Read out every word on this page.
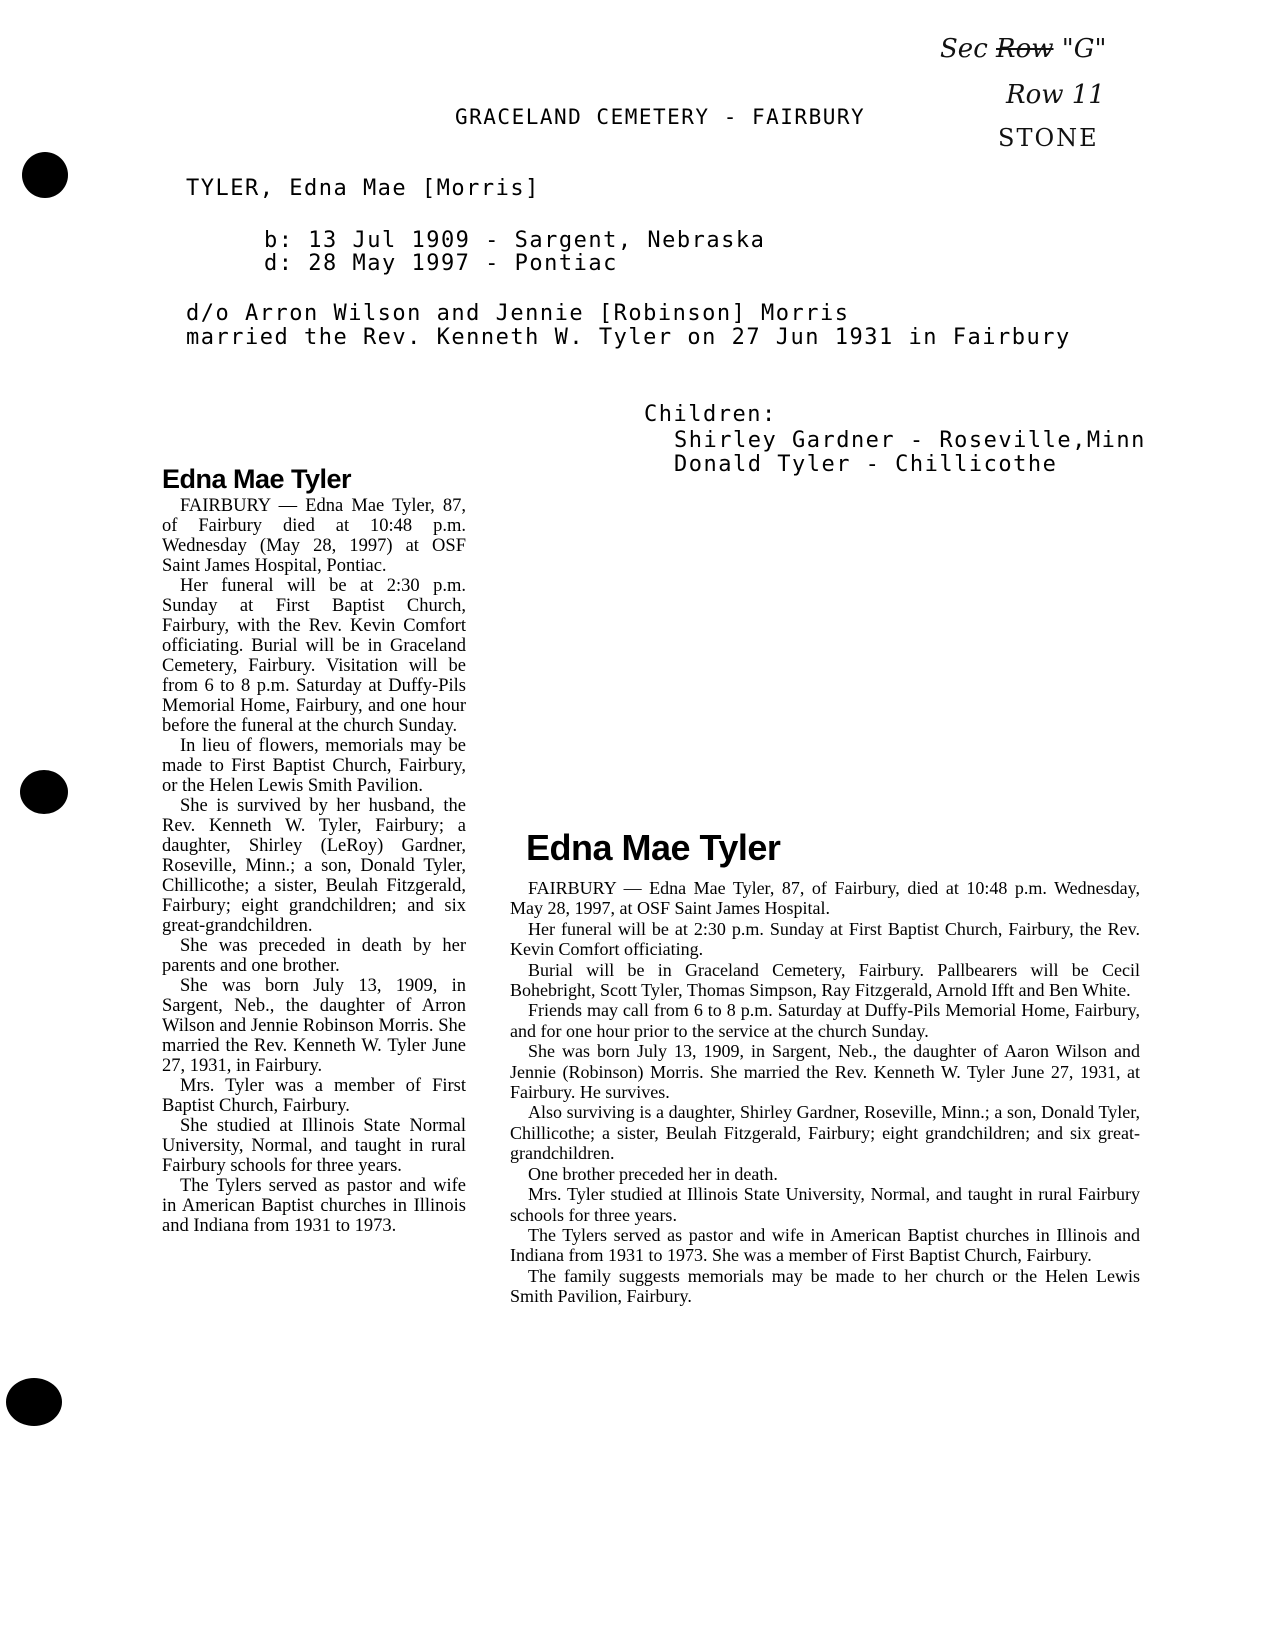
Sec Row "G"
Row 11
STONE
GRACELAND CEMETERY - FAIRBURY
TYLER, Edna Mae [Morris]
b: 13 Jul 1909 - Sargent, Nebraska
d: 28 May 1997 - Pontiac
d/o Arron Wilson and Jennie [Robinson] Morris
married the Rev. Kenneth W. Tyler on 27 Jun 1931 in Fairbury
Children:
Shirley Gardner - Roseville,Minn
Donald Tyler - Chillicothe
Edna Mae Tyler

FAIRBURY — Edna Mae Tyler, 87, of Fairbury died at 10:48 p.m. Wednesday (May 28, 1997) at OSF Saint James Hospital, Pontiac.

Her funeral will be at 2:30 p.m. Sunday at First Baptist Church, Fairbury, with the Rev. Kevin Comfort officiating. Burial will be in Graceland Cemetery, Fairbury. Visitation will be from 6 to 8 p.m. Saturday at Duffy-Pils Memorial Home, Fairbury, and one hour before the funeral at the church Sunday.

In lieu of flowers, memorials may be made to First Baptist Church, Fairbury, or the Helen Lewis Smith Pavilion.

She is survived by her husband, the Rev. Kenneth W. Tyler, Fairbury; a daughter, Shirley (LeRoy) Gardner, Roseville, Minn.; a son, Donald Tyler, Chillicothe; a sister, Beulah Fitzgerald, Fairbury; eight grandchildren; and six great-grandchildren.

She was preceded in death by her parents and one brother.

She was born July 13, 1909, in Sargent, Neb., the daughter of Arron Wilson and Jennie Robinson Morris. She married the Rev. Kenneth W. Tyler June 27, 1931, in Fairbury.

Mrs. Tyler was a member of First Baptist Church, Fairbury.

She studied at Illinois State Normal University, Normal, and taught in rural Fairbury schools for three years.

The Tylers served as pastor and wife in American Baptist churches in Illinois and Indiana from 1931 to 1973.

Edna Mae Tyler

FAIRBURY — Edna Mae Tyler, 87, of Fairbury, died at 10:48 p.m. Wednesday, May 28, 1997, at OSF Saint James Hospital.

Her funeral will be at 2:30 p.m. Sunday at First Baptist Church, Fairbury, the Rev. Kevin Comfort officiating.

Burial will be in Graceland Cemetery, Fairbury. Pallbearers will be Cecil Bohebright, Scott Tyler, Thomas Simpson, Ray Fitzgerald, Arnold Ifft and Ben White.

Friends may call from 6 to 8 p.m. Saturday at Duffy-Pils Memorial Home, Fairbury, and for one hour prior to the service at the church Sunday.

She was born July 13, 1909, in Sargent, Neb., the daughter of Aaron Wilson and Jennie (Robinson) Morris. She married the Rev. Kenneth W. Tyler June 27, 1931, at Fairbury. He survives.

Also surviving is a daughter, Shirley Gardner, Roseville, Minn.; a son, Donald Tyler, Chillicothe; a sister, Beulah Fitzgerald, Fairbury; eight grandchildren; and six great-grandchildren.

One brother preceded her in death.

Mrs. Tyler studied at Illinois State University, Normal, and taught in rural Fairbury schools for three years.

The Tylers served as pastor and wife in American Baptist churches in Illinois and Indiana from 1931 to 1973. She was a member of First Baptist Church, Fairbury.

The family suggests memorials may be made to her church or the Helen Lewis Smith Pavilion, Fairbury.
